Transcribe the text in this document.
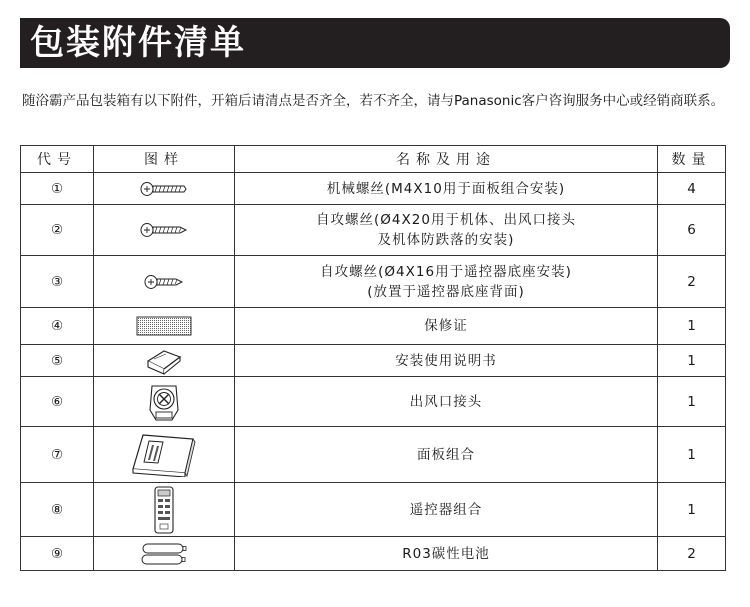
包装附件清单
随浴霸产品包装箱有以下附件，开箱后请清点是否齐全，若不齐全，请与Panasonic客户咨询服务中心或经销商联系。
代号	图样	名称及用途	数量
①		机械螺丝(M4X10用于面板组合安装)	4
②		自攻螺丝(Ø4X20用于机体、出风口接头
及机体防跌落的安装)	6
③		自攻螺丝(Ø4X16用于遥控器底座安装)
(放置于遥控器底座背面)	2
④		保修证	1
⑤		安装使用说明书	1
⑥		出风口接头	1
⑦		面板组合	1
⑧		遥控器组合	1
⑨		R03碳性电池	2
